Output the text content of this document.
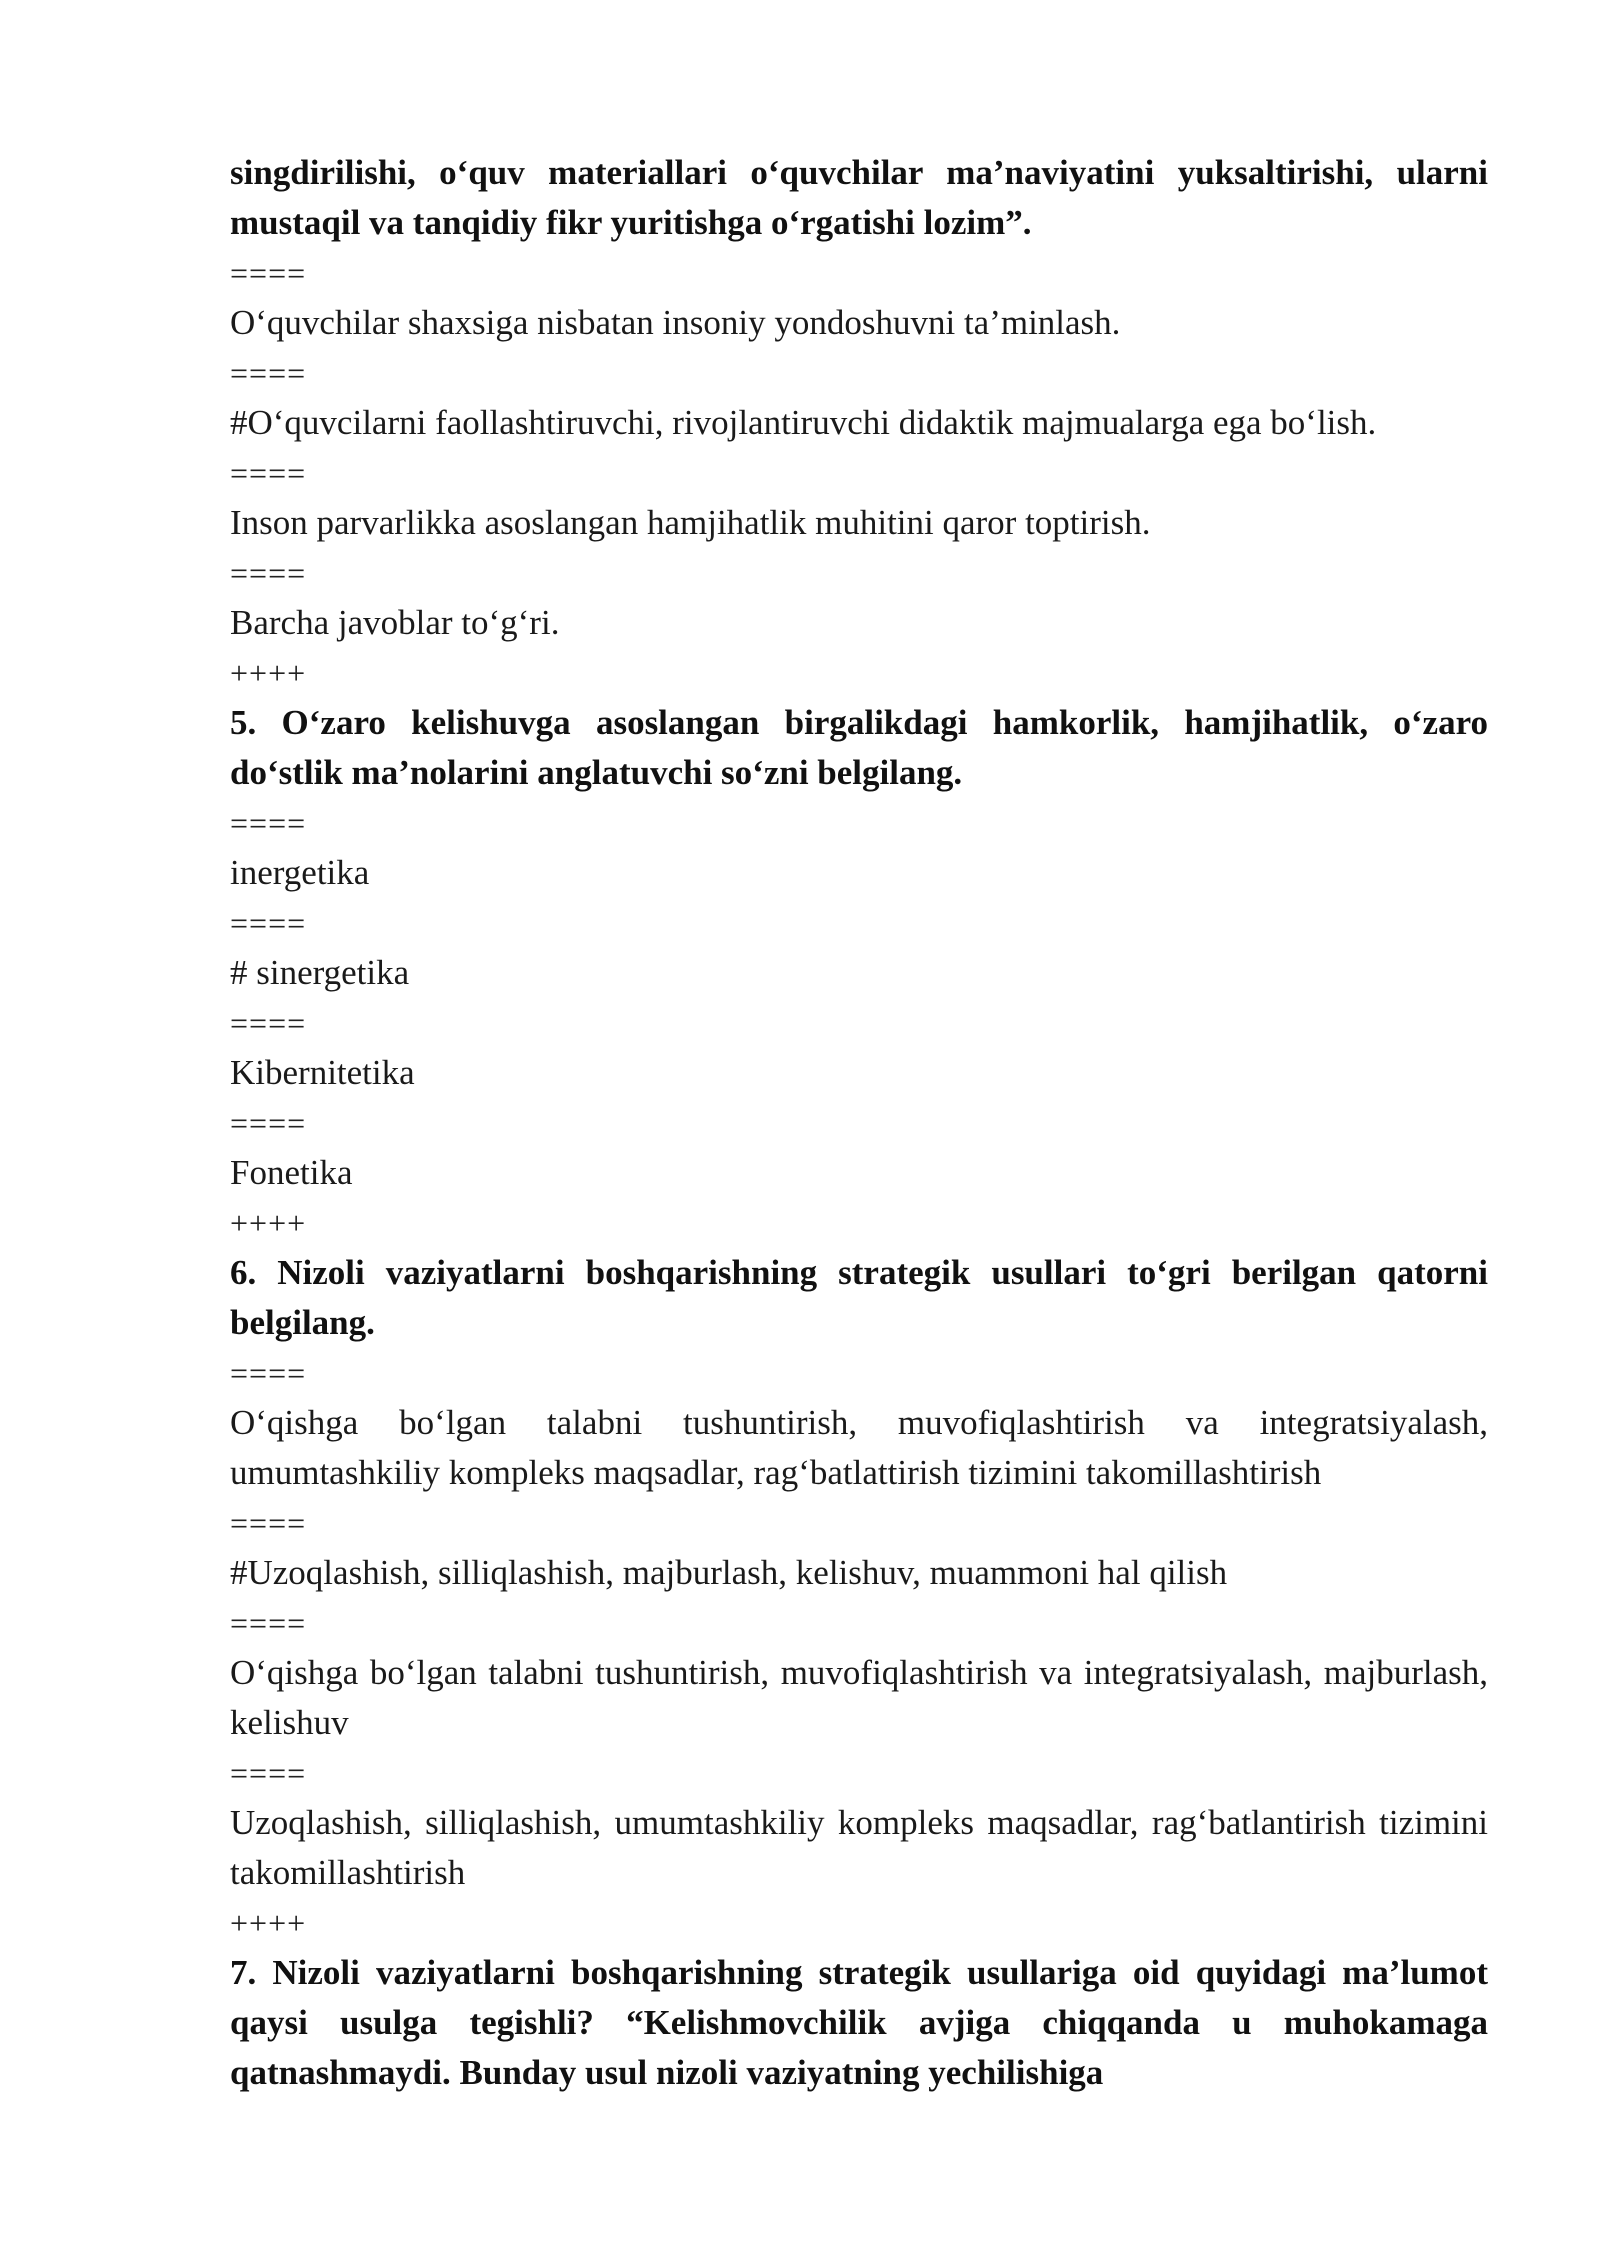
singdirilishi, o‘quv materiallari o‘quvchilar ma’naviyatini yuksaltirishi, ularni mustaqil va tanqidiy fikr yuritishga o‘rgatishi lozim”.

====
O‘quvchilar shaxsiga nisbatan insoniy yondoshuvni ta’minlash.
====
#O‘quvcilarni faollashtiruvchi, rivojlantiruvchi didaktik majmualarga ega bo‘lish.
====
Inson parvarlikka asoslangan hamjihatlik muhitini qaror toptirish.
====
Barcha javoblar to‘g‘ri.
++++

5. O‘zaro kelishuvga asoslangan birgalikdagi hamkorlik, hamjihatlik, o‘zaro do‘stlik ma’nolarini anglatuvchi so‘zni belgilang.

====
inergetika
====
# sinergetika
====
Kibernitetika
====
Fonetika
++++

6. Nizoli vaziyatlarni boshqarishning strategik usullari to‘gri berilgan qatorni belgilang.

====

O‘qishga bo‘lgan talabni tushuntirish, muvofiqlashtirish va integratsiyalash, umumtashkiliy kompleks maqsadlar, rag‘batlattirish tizimini takomillashtirish

====
#Uzoqlashish, silliqlashish, majburlash, kelishuv, muammoni hal qilish
====

O‘qishga bo‘lgan talabni tushuntirish, muvofiqlashtirish va integratsiyalash, majburlash, kelishuv

====

Uzoqlashish, silliqlashish, umumtashkiliy kompleks maqsadlar, rag‘batlantirish tizimini takomillashtirish

++++

7. Nizoli vaziyatlarni boshqarishning strategik usullariga oid quyidagi ma’lumot qaysi usulga tegishli? “Kelishmovchilik avjiga chiqqanda u muhokamaga qatnashmaydi. Bunday usul nizoli vaziyatning yechilishiga
